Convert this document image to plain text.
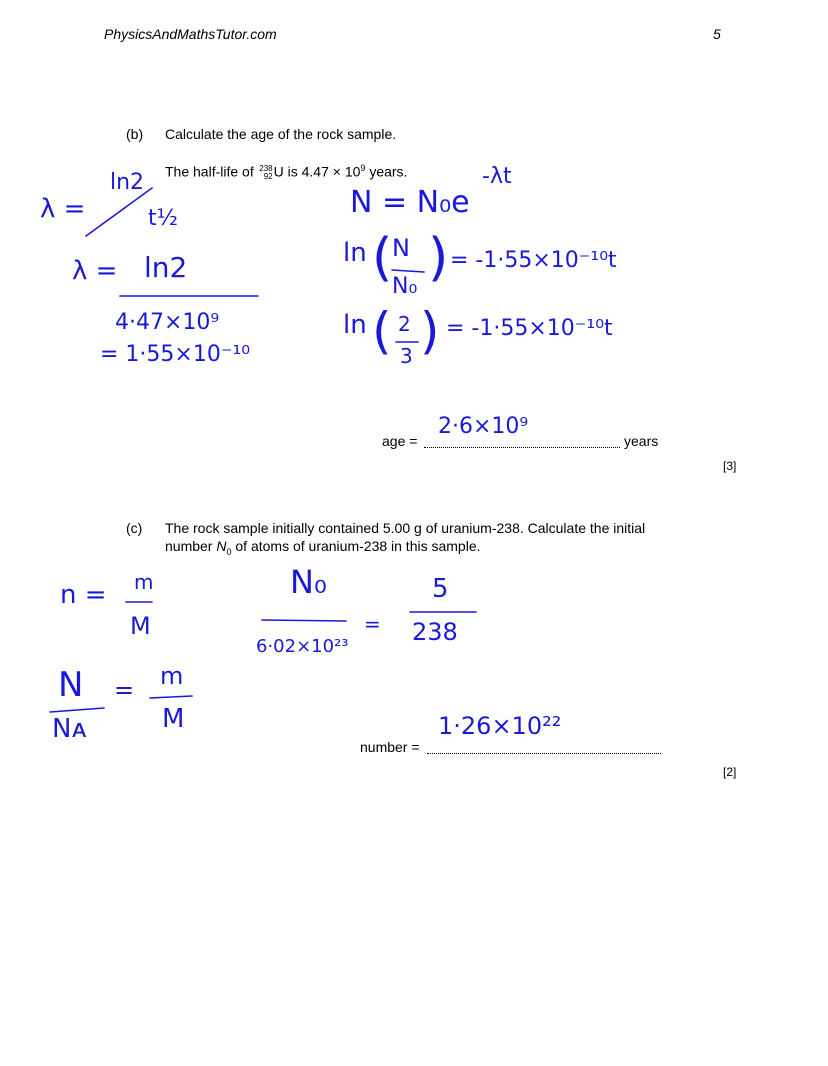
PhysicsAndMathsTutor.com	5
(b) Calculate the age of the rock sample.
The half-life of 238
92 U is $4.47 \times 10^9$ years.
λ =
ln2
t½
λ = ln2
4·47×10⁹
= 1·55×10⁻¹⁰
N = N₀e
-λt
ln ( N
N₀ ) = -1·55×10⁻¹⁰t
ln ( 2
3 ) = -1·55×10⁻¹⁰t
age =
2·6×10⁹
years
[3]
(c) The rock sample initially contained 5.00 g of uranium-238. Calculate the initial
number $N_0$ of atoms of uranium-238 in this sample.
n = m
M
N
Nᴀ
= m
M
N₀
6·02×10²³
=
5
238
number =
1·26×10²²
[2]
